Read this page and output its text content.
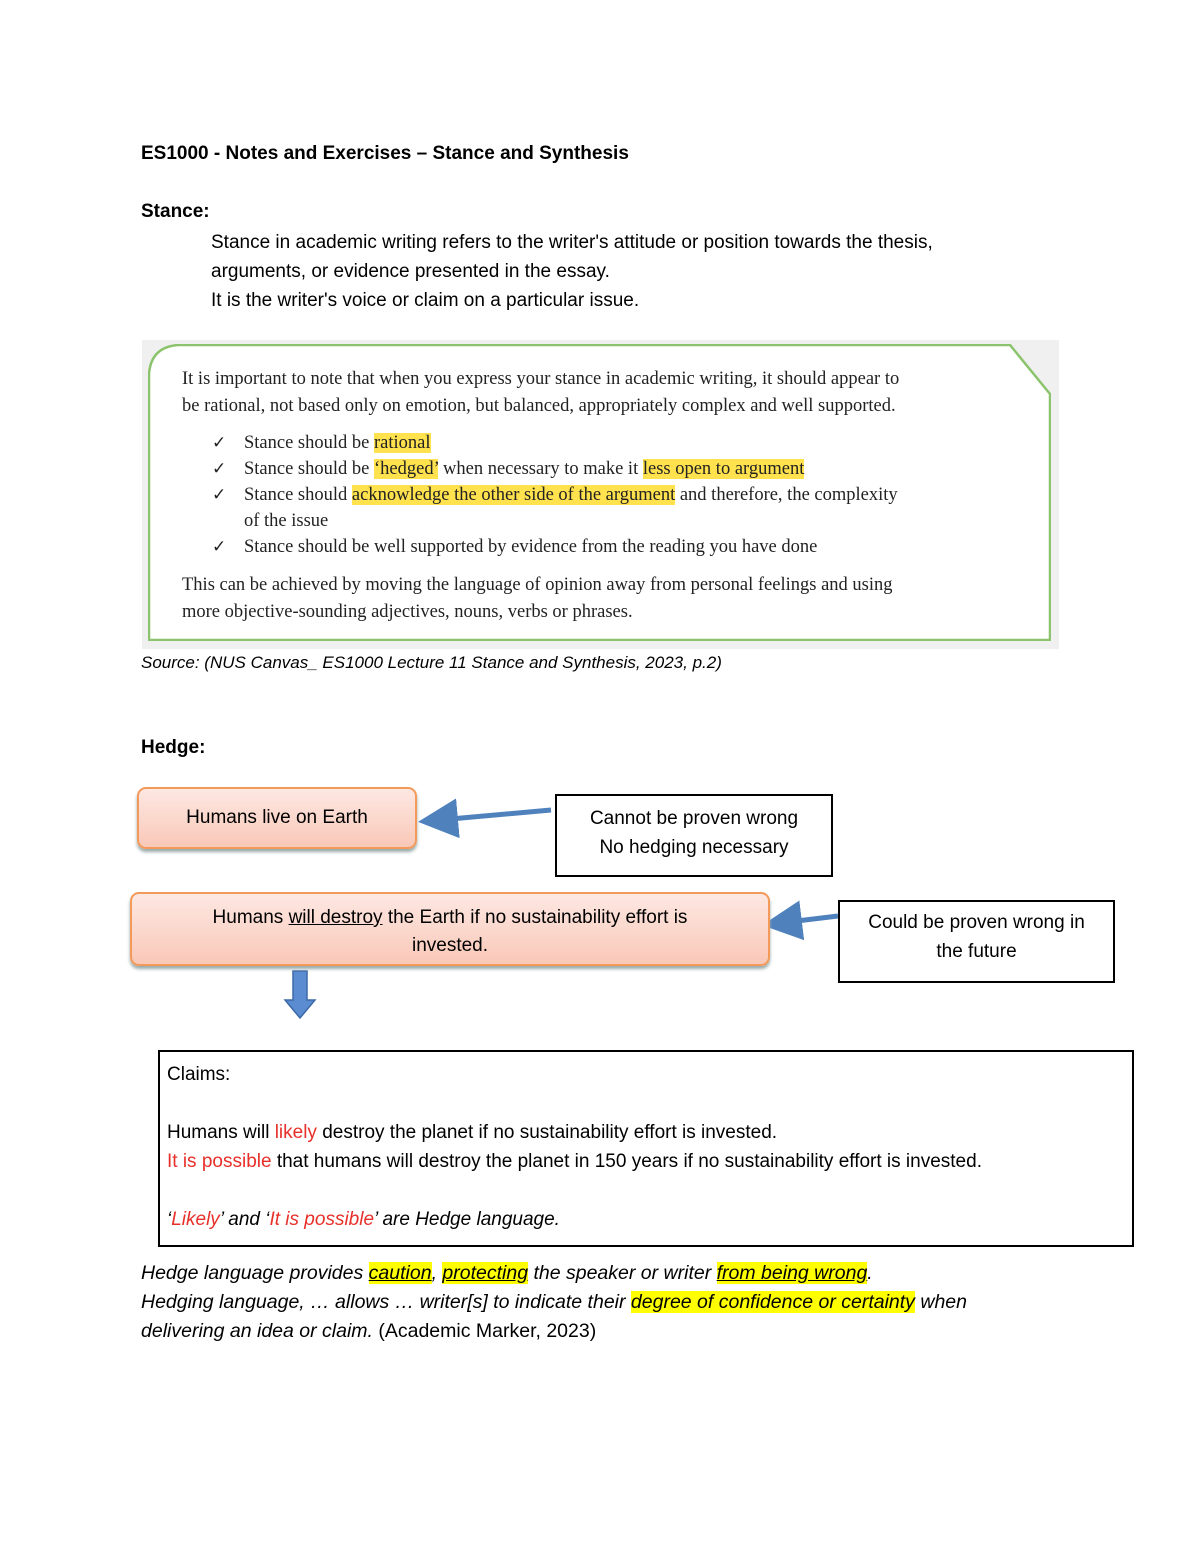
ES1000 - Notes and Exercises – Stance and Synthesis
Stance:
Stance in academic writing refers to the writer's attitude or position towards the thesis,
arguments, or evidence presented in the essay.
It is the writer's voice or claim on a particular issue.
It is important to note that when you express your stance in academic writing, it should appear to
be rational, not based only on emotion, but balanced, appropriately complex and well supported.
✓ Stance should be rational
✓ Stance should be ‘hedged’ when necessary to make it less open to argument
✓ Stance should acknowledge the other side of the argument and therefore, the complexity
of the issue
✓ Stance should be well supported by evidence from the reading you have done
This can be achieved by moving the language of opinion away from personal feelings and using
more objective-sounding adjectives, nouns, verbs or phrases.
Source: (NUS Canvas_ ES1000 Lecture 11 Stance and Synthesis, 2023, p.2)
Hedge:
Humans live on Earth	Cannot be proven wrong
No hedging necessary
Humans will destroy the Earth if no sustainability effort is
invested.
Could be proven wrong in
the future
Claims:
Humans will likely destroy the planet if no sustainability effort is invested.
It is possible that humans will destroy the planet in 150 years if no sustainability effort is invested.
‘Likely’ and ‘It is possible’ are Hedge language.
Hedge language provides caution, protecting the speaker or writer from being wrong.
Hedging language, … allows … writer[s] to indicate their degree of confidence or certainty when
delivering an idea or claim. (Academic Marker, 2023)
